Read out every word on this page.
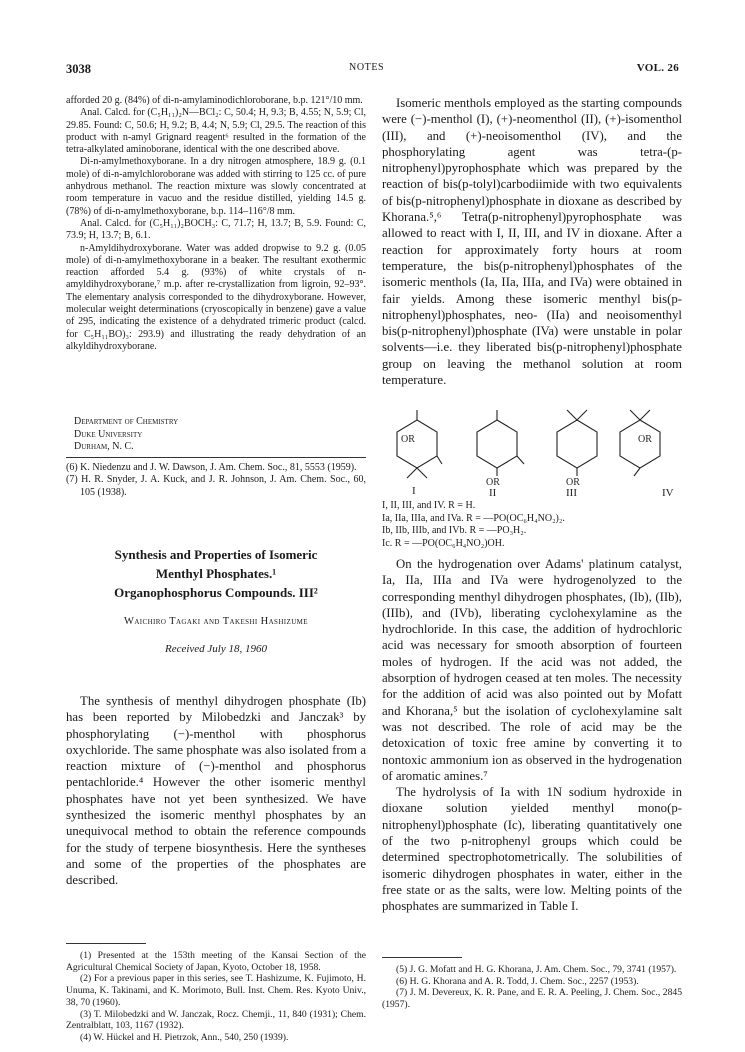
3038	NOTES	VOL. 26

afforded 20 g. (84%) of di-n-amylaminodichloroborane, b.p. 121°/10 mm.

Anal. Calcd. for (C₅H₁₁)₂N—BCl₂: C, 50.4; H, 9.3; B, 4.55; N, 5.9; Cl, 29.85. Found: C, 50.6; H, 9.2; B, 4.4; N, 5.9; Cl, 29.5. The reaction of this product with n-amyl Grignard reagent⁶ resulted in the formation of the tetra-alkylated aminoborane, identical with the one described above.

Di-n-amylmethoxyborane. In a dry nitrogen atmosphere, 18.9 g. (0.1 mole) of di-n-amylchloroborane was added with stirring to 125 cc. of pure anhydrous methanol. The reaction mixture was slowly concentrated at room temperature in vacuo and the residue distilled, yielding 14.5 g. (78%) of di-n-amylmethoxyborane, b.p. 114–116°/8 mm.

Anal. Calcd. for (C₅H₁₁)₂BOCH₃: C, 71.7; H, 13.7; B, 5.9. Found: C, 73.9; H, 13.7; B, 6.1.

n-Amyldihydroxyborane. Water was added dropwise to 9.2 g. (0.05 mole) of di-n-amylmethoxyborane in a beaker. The resultant exothermic reaction afforded 5.4 g. (93%) of white crystals of n-amyldihydroxyborane,⁷ m.p. after re-crystallization from ligroin, 92–93°. The elementary analysis corresponded to the dihydroxyborane. However, molecular weight determinations (cryoscopically in benzene) gave a value of 295, indicating the existence of a dehydrated trimeric product (calcd. for C₅H₁₁BO)₃: 293.9) and illustrating the ready dehydration of an alkyldihydroxyborane.

Department of Chemistry
Duke University
Durham, N. C.

(6) K. Niedenzu and J. W. Dawson, J. Am. Chem. Soc., 81, 5553 (1959).

(7) H. R. Snyder, J. A. Kuck, and J. R. Johnson, J. Am. Chem. Soc., 60, 105 (1938).

Synthesis and Properties of Isomeric
Menthyl Phosphates.¹
Organophosphorus Compounds. III²
Waichiro Tagaki and Takeshi Hashizume
Received July 18, 1960

The synthesis of menthyl dihydrogen phosphate (Ib) has been reported by Milobedzki and Janczak³ by phosphorylating (−)-menthol with phosphorus oxychloride. The same phosphate was also isolated from a reaction mixture of (−)-menthol and phosphorus pentachloride.⁴ However the other isomeric menthyl phosphates have not yet been synthesized. We have synthesized the isomeric menthyl phosphates by an unequivocal method to obtain the reference compounds for the study of terpene biosynthesis. Here the syntheses and some of the properties of the phosphates are described.

(1) Presented at the 153th meeting of the Kansai Section of the Agricultural Chemical Society of Japan, Kyoto, October 18, 1958.

(2) For a previous paper in this series, see T. Hashizume, K. Fujimoto, H. Unuma, K. Takinami, and K. Morimoto, Bull. Inst. Chem. Res. Kyoto Univ., 38, 70 (1960).

(3) T. Milobedzki and W. Janczak, Rocz. Chemji., 11, 840 (1931); Chem. Zentralblatt, 103, 1167 (1932).

(4) W. Hückel and H. Pietrzok, Ann., 540, 250 (1939).

Isomeric menthols employed as the starting compounds were (−)-menthol (I), (+)-neomenthol (II), (+)-isomenthol (III), and (+)-neoisomenthol (IV), and the phosphorylating agent was tetra-(p-nitrophenyl)pyrophosphate which was prepared by the reaction of bis(p-tolyl)carbodiimide with two equivalents of bis(p-nitrophenyl)phosphate in dioxane as described by Khorana.⁵,⁶ Tetra(p-nitrophenyl)pyrophosphate was allowed to react with I, II, III, and IV in dioxane. After a reaction for approximately forty hours at room temperature, the bis(p-nitrophenyl)phosphates of the isomeric menthols (Ia, IIa, IIIa, and IVa) were obtained in fair yields. Among these isomeric menthyl bis(p-nitrophenyl)phosphates, neo- (IIa) and neoisomenthyl bis(p-nitrophenyl)phosphate (IVa) were unstable in polar solvents—i.e. they liberated bis(p-nitrophenyl)phosphate group on leaving the methanol solution at room temperature.

OR
I
OR
II
OR
III
OR
IV
I, II, III, and IV. R = H.
Ia, IIa, IIIa, and IVa. R = —PO(OC₆H₄NO₂)₂.
Ib, IIb, IIIb, and IVb. R = —PO₃H₂.
Ic. R = —PO(OC₆H₄NO₂)OH.

On the hydrogenation over Adams' platinum catalyst, Ia, IIa, IIIa and IVa were hydrogenolyzed to the corresponding menthyl dihydrogen phosphates, (Ib), (IIb), (IIIb), and (IVb), liberating cyclohexylamine as the hydrochloride. In this case, the addition of hydrochloric acid was necessary for smooth absorption of fourteen moles of hydrogen. If the acid was not added, the absorption of hydrogen ceased at ten moles. The necessity for the addition of acid was also pointed out by Mofatt and Khorana,⁵ but the isolation of cyclohexylamine salt was not described. The role of acid may be the detoxication of toxic free amine by converting it to nontoxic ammonium ion as observed in the hydrogenation of aromatic amines.⁷

The hydrolysis of Ia with 1N sodium hydroxide in dioxane solution yielded menthyl mono(p-nitrophenyl)phosphate (Ic), liberating quantitatively one of the two p-nitrophenyl groups which could be determined spectrophotometrically. The solubilities of isomeric dihydrogen phosphates in water, either in the free state or as the salts, were low. Melting points of the phosphates are summarized in Table I.

(5) J. G. Mofatt and H. G. Khorana, J. Am. Chem. Soc., 79, 3741 (1957).

(6) H. G. Khorana and A. R. Todd, J. Chem. Soc., 2257 (1953).

(7) J. M. Devereux, K. R. Pane, and E. R. A. Peeling, J. Chem. Soc., 2845 (1957).
